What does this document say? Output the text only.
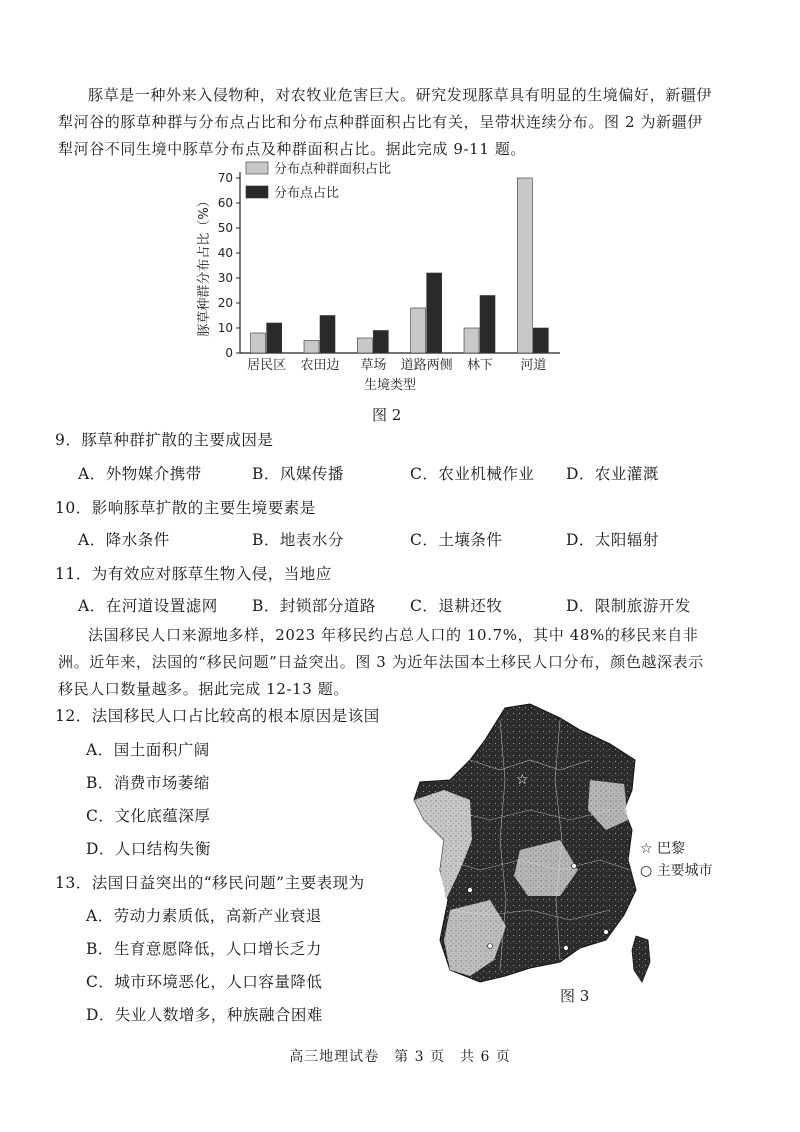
豚草是一种外来入侵物种，对农牧业危害巨大。研究发现豚草具有明显的生境偏好，新疆伊犁河谷的豚草种群与分布点占比和分布点种群面积占比有关，呈带状连续分布。图 2 为新疆伊犁河谷不同生境中豚草分布点及种群面积占比。据此完成 9-11 题。

0
10
20
30
40
50
60
70
豚草种群分布占比（%）
居民区 农田边 草场 道路两侧 林下 河道
生境类型
分布点种群面积占比
分布点占比
图 2
9．豚草种群扩散的主要成因是
A．外物媒介携带	B．风媒传播	C．农业机械作业 D．农业灌溉
10．影响豚草扩散的主要生境要素是
A．降水条件	B．地表水分	C．土壤条件	D．太阳辐射
11．为有效应对豚草生物入侵，当地应
A．在河道设置滤网 B．封锁部分道路 C．退耕还牧	D．限制旅游开发

法国移民人口来源地多样，2023 年移民约占总人口的 10.7%，其中 48%的移民来自非洲。近年来，法国的“移民问题”日益突出。图 3 为近年法国本土移民人口分布，颜色越深表示移民人口数量越多。据此完成 12-13 题。

12．法国移民人口占比较高的根本原因是该国
A．国土面积广阔
B．消费市场萎缩
C．文化底蕴深厚
D．人口结构失衡
13．法国日益突出的“移民问题”主要表现为
A．劳动力素质低，高新产业衰退
B．生育意愿降低，人口增长乏力
C．城市环境恶化，人口容量降低
D．失业人数增多，种族融合困难
☆
☆ 巴黎
○ 主要城市
图 3
高三地理试卷　第 3 页　共 6 页
